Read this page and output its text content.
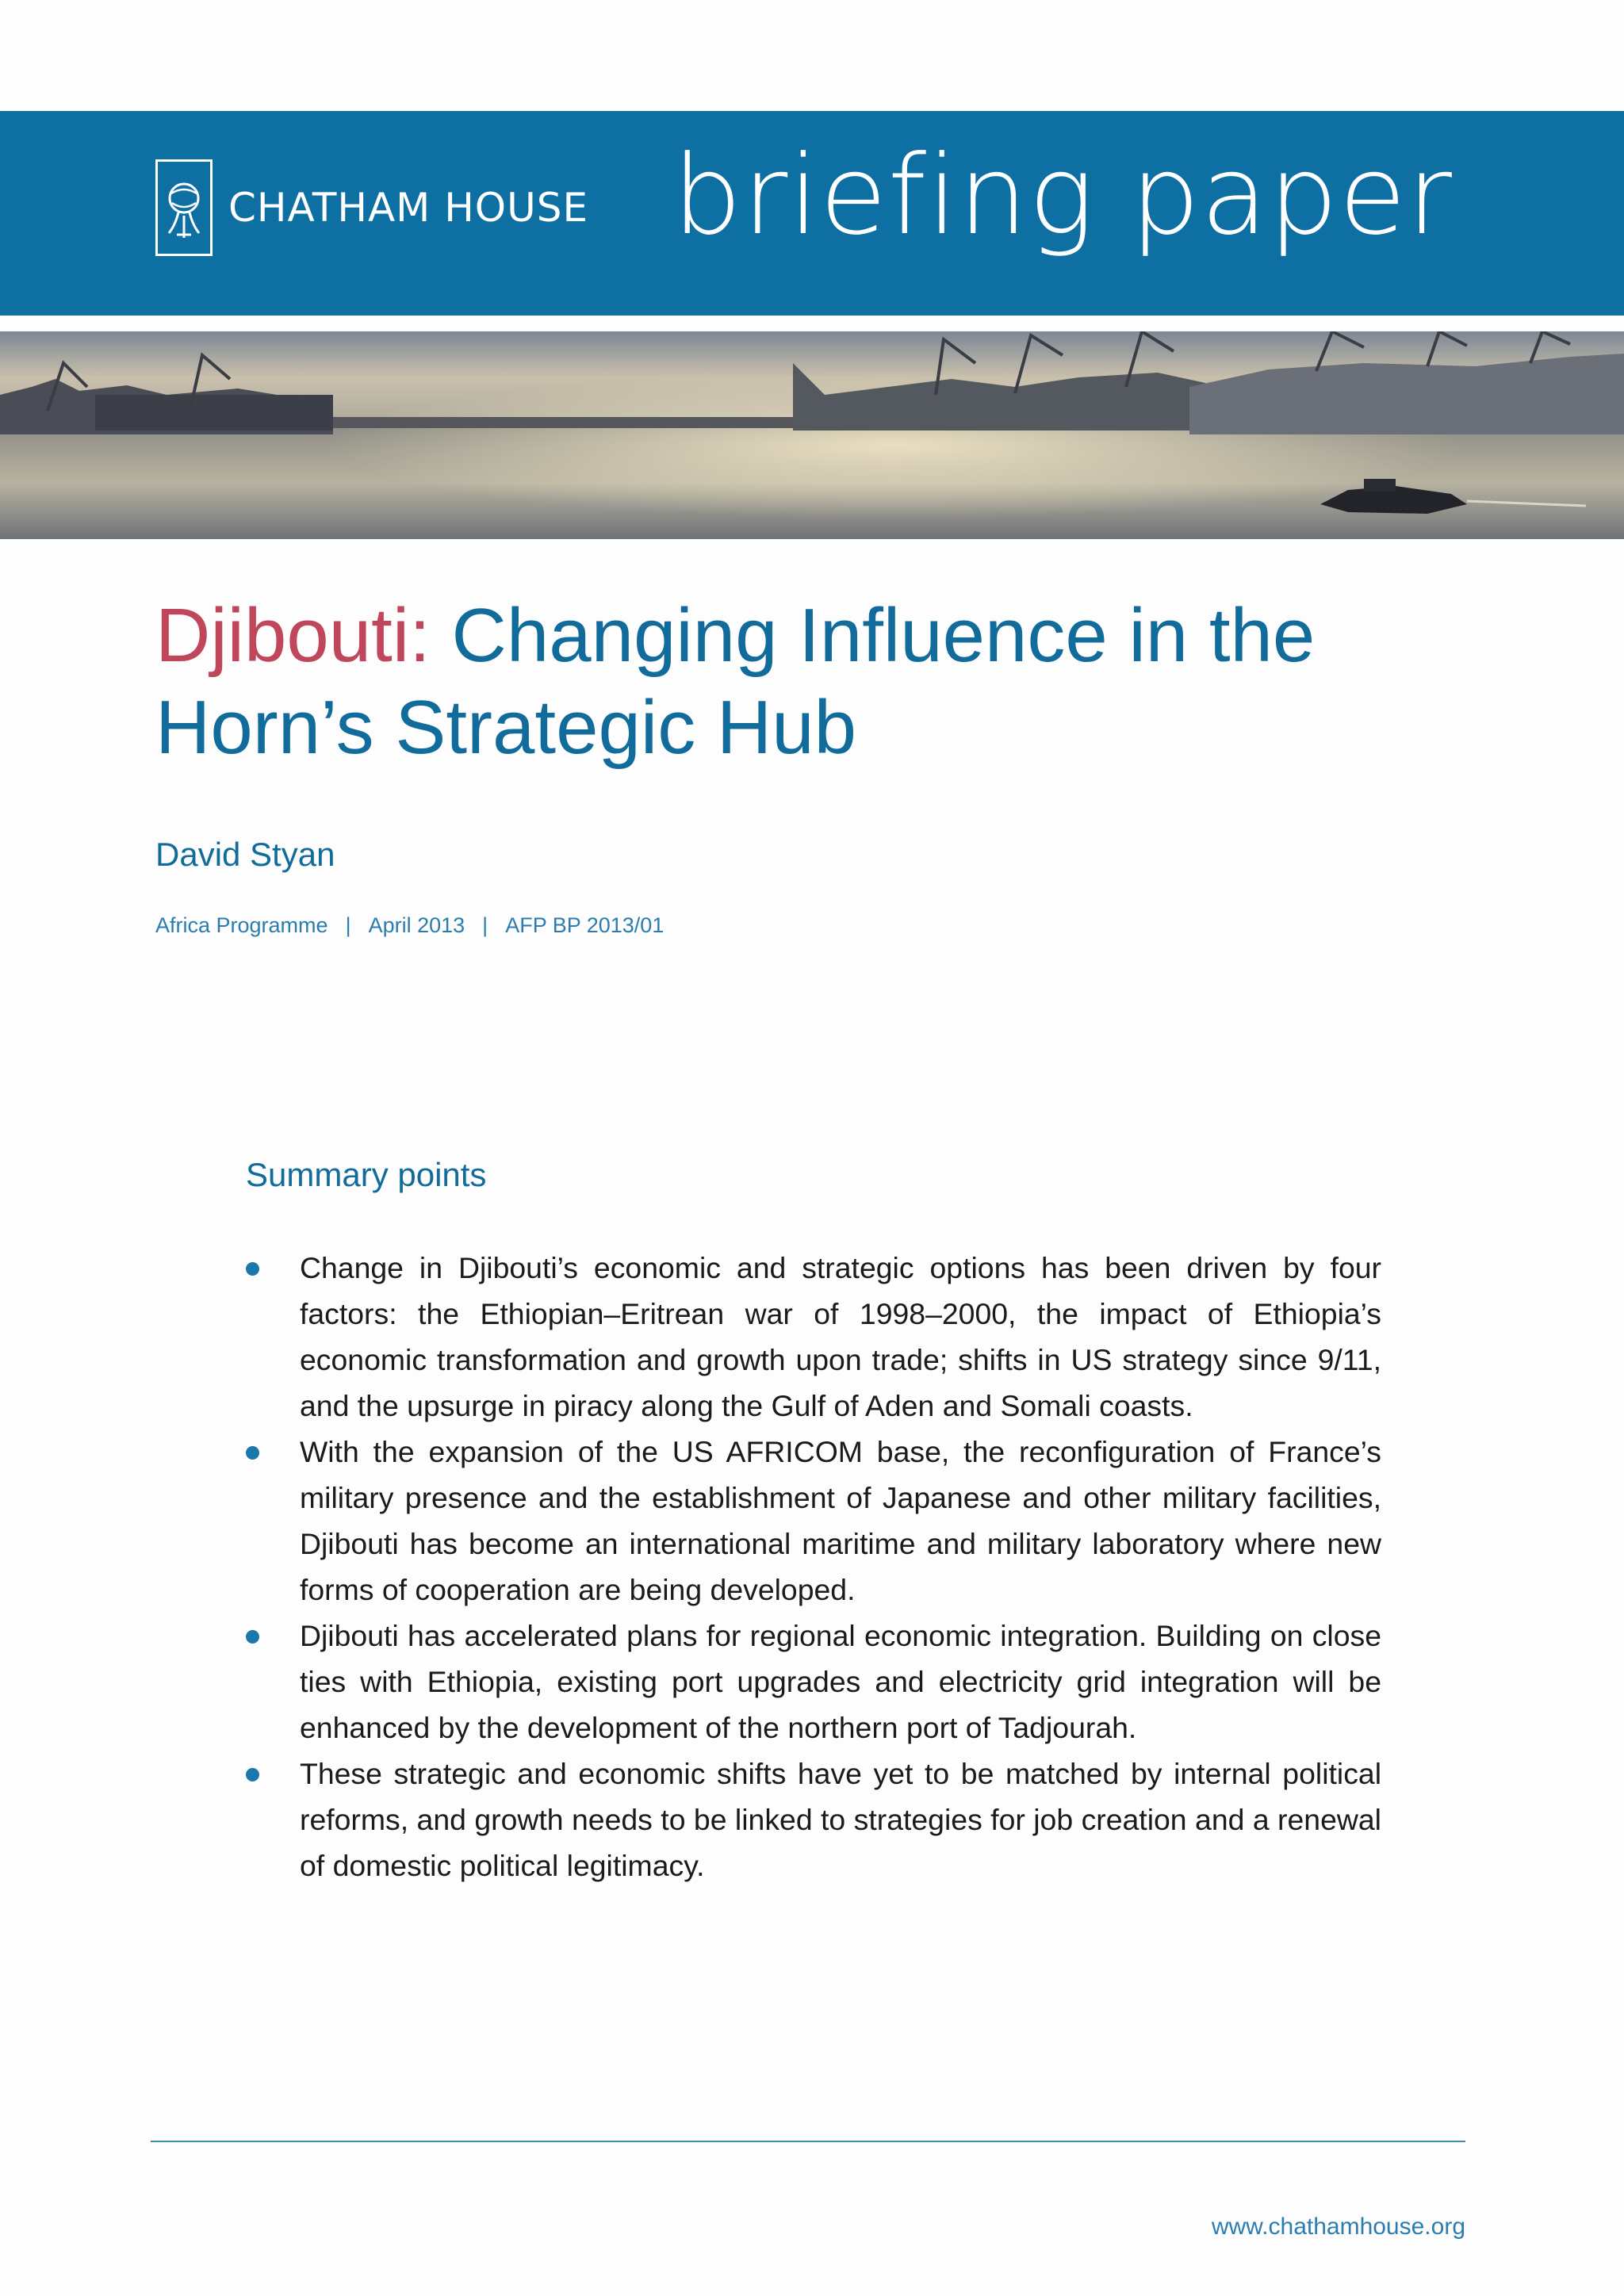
CHATHAM HOUSE briefing paper
Djibouti: Changing Influence in the Horn’s Strategic Hub
David Styan
Africa Programme | April 2013 | AFP BP 2013/01
Summary points
Change in Djibouti’s economic and strategic options has been driven by four factors: the Ethiopian–Eritrean war of 1998–2000, the impact of Ethiopia’s economic transformation and growth upon trade; shifts in US strategy since 9/11, and the upsurge in piracy along the Gulf of Aden and Somali coasts.
With the expansion of the US AFRICOM base, the reconfiguration of France’s military presence and the establishment of Japanese and other military facilities, Djibouti has become an international maritime and military laboratory where new forms of cooperation are being developed.
Djibouti has accelerated plans for regional economic integration. Building on close ties with Ethiopia, existing port upgrades and electricity grid integration will be enhanced by the development of the northern port of Tadjourah.
These strategic and economic shifts have yet to be matched by internal political reforms, and growth needs to be linked to strategies for job creation and a renewal of domestic political legitimacy.
www.chathamhouse.org
